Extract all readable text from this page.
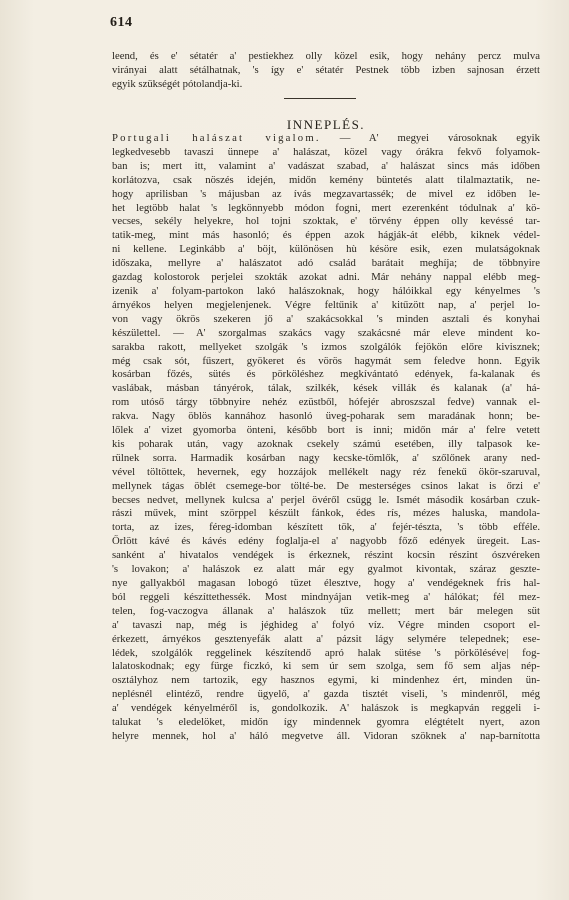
614
leend, és e' sétatér a' pestiekhez olly közel esik, hogy nehány percz mulva
virányai alatt sétálhatnak, 's így e' sétatér Pestnek több izben sajnosan érzett
egyik szükségét pótolandja-ki.
INNEPLÉS.
Portugali halászat vigalom. — A' megyei városoknak egyik
legkedvesebb tavaszi ünnepe a' halászat, közel vagy órákra fekvő folyamok-
ban is; mert itt, valamint a' vadászat szabad, a' halászat sincs más időben
korlátozva, csak nöszés idején, midőn kemény büntetés alatt tilalmaztatik, ne-
hogy aprilisban 's májusban az ívás megzavartassék; de mivel ez időben le-
het legtöbb halat 's legkönnyebb módon fogni, mert ezerenként tódulnak a' kö-
vecses, sekély helyekre, hol tojni szoktak, e' törvény éppen olly kevéssé tar-
tatik-meg, mint más hasonló; és éppen azok hágják-át elébb, kiknek védel-
ni kellene. Leginkább a' böjt, különösen hù késöre esik, ezen mulatságoknak
időszaka, mellyre a' halászatot adó család barátait meghíja; de többnyire
gazdag kolostorok perjelei szokták azokat adni. Már nehány nappal elébb meg-
izenik a' folyam-partokon lakó halászoknak, hogy hálóikkal egy kényelmes 's
árnyékos helyen megjelenjenek. Végre feltűnik a' kitűzött nap, a' perjel lo-
von vagy ökrös szekeren jő a' szakácsokkal 's minden asztali és konyhai
készülettel. — A' szorgalmas szakács vagy szakácsné már eleve mindent ko-
sarakba rakott, mellyeket szolgák 's izmos szolgálók fejökön előre kivisznek;
még csak sót, fűszert, gyökeret és vörös hagymát sem feledve honn. Egyik
kosárban főzés, sütés és pörköléshez megkívántató edények, fa-kalanak és
vaslábak, másban tányérok, tálak, szilkék, kések villák és kalanak (a' há-
rom utóső tárgy többnyire nehéz ezüstből, hófejér abroszszal fedve) vannak el-
rakva. Nagy öblös kannához hasonló üveg-poharak sem maradának honn; be-
lőlek a' vizet gyomorba önteni, később bort is inni; midőn már a' felre vetett
kis poharak után, vagy azoknak csekely számú esetében, illy talpasok ke-
rülnek sorra. Harmadik kosárban nagy kecske-tömlők, a' szőlőnek arany ned-
vével töltöttek, hevernek, egy hozzájok mellékelt nagy réz fenekű ökör-szaruval,
mellynek tágas öblét csemege-bor tölté-be. De mesterséges csinos lakat is őrzi e'
becses nedvet, mellynek kulcsa a' perjel övéről csügg le. Ismét második kosárban czuk-
rászi művek, mint szörppel készült fánkok, édes rís, mézes haluska, mandola-
torta, az izes, féreg-idomban készített tök, a' fejér-tészta, 's több efféle.
Őrlött kávé és kávés edény foglalja-el a' nagyobb főző edények üregeit. Las-
sanként a' hivatalos vendégek is érkeznek, részint kocsin részint ószvéreken
's lovakon; a' halászok ez alatt már egy gyalmot kivontak, száraz geszte-
nye gallyakból magasan lobogó tüzet élesztve, hogy a' vendégeknek fris hal-
ból reggeli készíttethessék. Most mindnyájan vetik-meg a' hálókat; fél mez-
telen, fog-vaczogva állanak a' halászok tűz mellett; mert bár melegen süt
a' tavaszi nap, még is jéghideg a' folyó víz. Végre minden csoport el-
érkezett, árnyékos gesztenyefák alatt a' pázsit lágy selymére telepednek; ese-
lédek, szolgálók reggelinek készítendő apró halak sütése 's pörköléséve| fog-
lalatoskodnak; egy fürge ficzkó, ki sem úr sem szolga, sem fő sem aljas nép-
osztályhoz nem tartozik, egy hasznos egymi, ki mindenhez ért, minden ün-
neplésnél elintéző, rendre ügyelő, a' gazda tisztét viseli, 's mindenről, még
a' vendégek kényelméről is, gondolkozik. A' halászok is megkapván reggeli i-
talukat 's eledelöket, midőn így mindennek gyomra elégtételt nyert, azon
helyre mennek, hol a' háló megvetve áll. Vidoran szöknek a' nap-barnította
